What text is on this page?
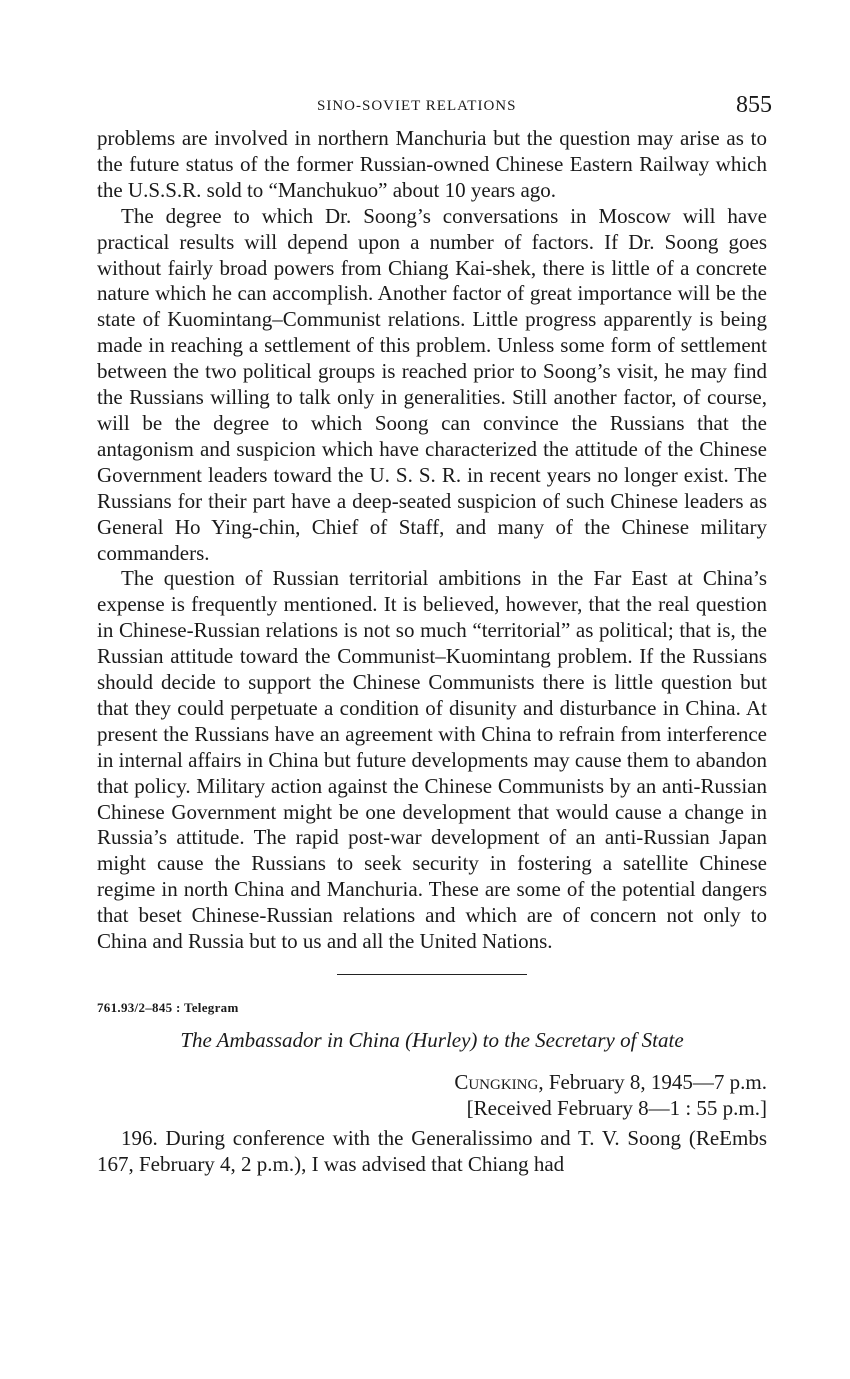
SINO-SOVIET RELATIONS	855

problems are involved in northern Manchuria but the question may arise as to the future status of the former Russian-owned Chinese Eastern Railway which the U.S.S.R. sold to “Manchukuo” about 10 years ago.

The degree to which Dr. Soong’s conversations in Moscow will have practical results will depend upon a number of factors. If Dr. Soong goes without fairly broad powers from Chiang Kai-shek, there is little of a concrete nature which he can accomplish. Another factor of great importance will be the state of Kuomintang–Communist relations. Little progress apparently is being made in reaching a settlement of this problem. Unless some form of settlement between the two political groups is reached prior to Soong’s visit, he may find the Russians willing to talk only in generalities. Still another factor, of course, will be the degree to which Soong can convince the Russians that the antagonism and suspicion which have characterized the attitude of the Chinese Government leaders toward the U. S. S. R. in recent years no longer exist. The Russians for their part have a deep-seated suspicion of such Chinese leaders as General Ho Ying-chin, Chief of Staff, and many of the Chinese military commanders.

The question of Russian territorial ambitions in the Far East at China’s expense is frequently mentioned. It is believed, however, that the real question in Chinese-Russian relations is not so much “territorial” as political; that is, the Russian attitude toward the Communist–Kuomintang problem. If the Russians should decide to support the Chinese Communists there is little question but that they could perpetuate a condition of disunity and disturbance in China. At present the Russians have an agreement with China to refrain from interference in internal affairs in China but future developments may cause them to abandon that policy. Military action against the Chinese Communists by an anti-Russian Chinese Government might be one development that would cause a change in Russia’s attitude. The rapid post-war development of an anti-Russian Japan might cause the Russians to seek security in fostering a satellite Chinese regime in north China and Manchuria. These are some of the potential dangers that beset Chinese-Russian relations and which are of concern not only to China and Russia but to us and all the United Nations.

761.93/2–845 : Telegram
The Ambassador in China (Hurley) to the Secretary of State
Cungking, February 8, 1945—7 p.m.
[Received February 8—1 : 55 p.m.]

196. During conference with the Generalissimo and T. V. Soong (ReEmbs 167, February 4, 2 p.m.), I was advised that Chiang had
